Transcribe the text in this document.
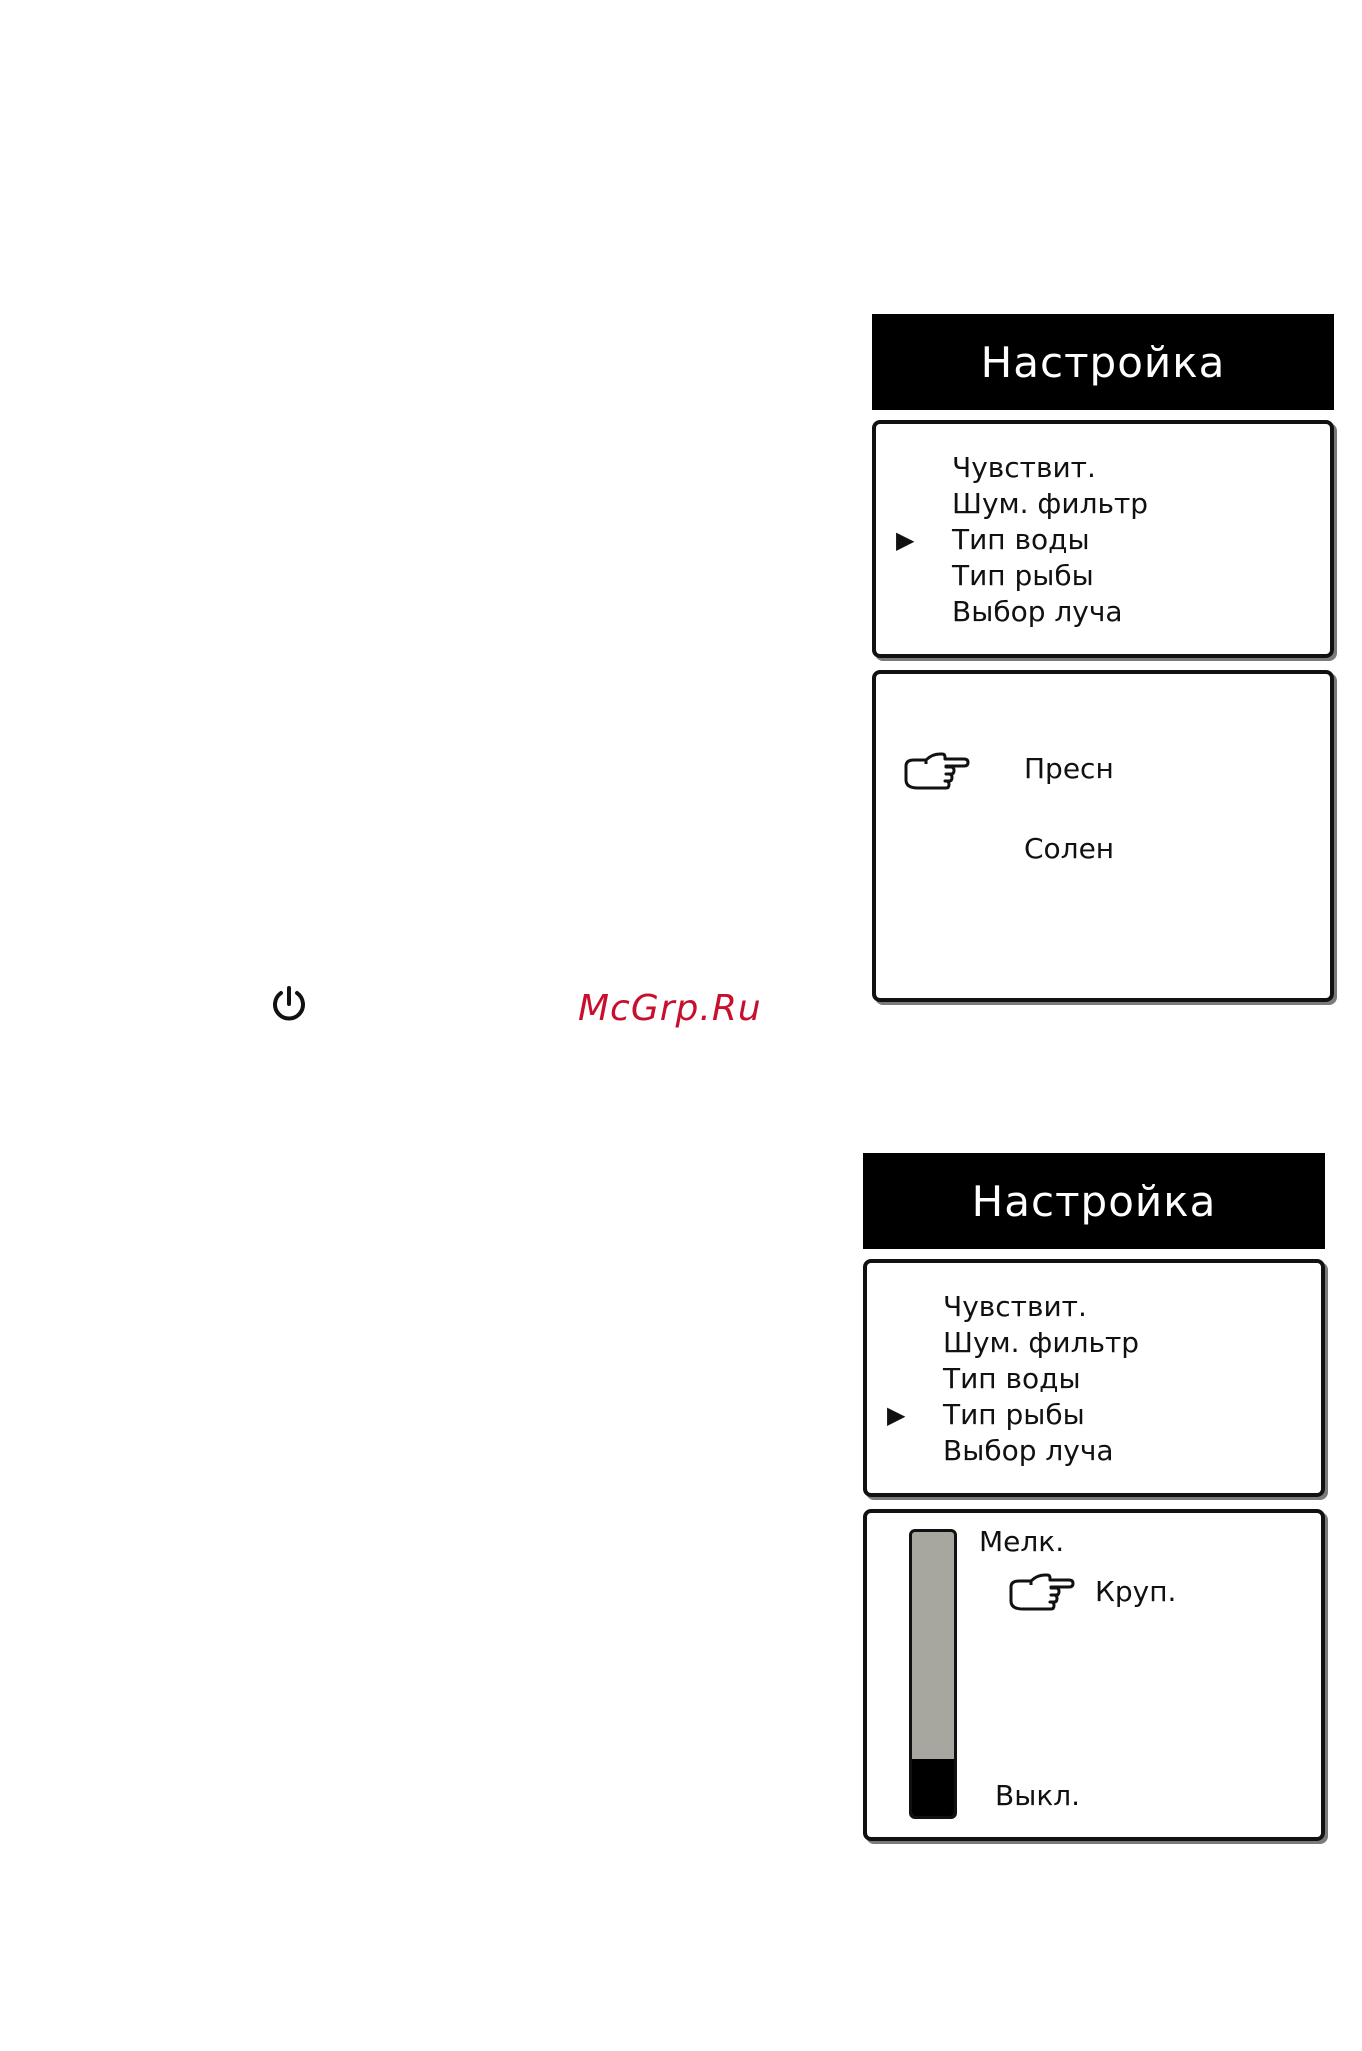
Настройка
Чувствит.
Шум. фильтр
▶ Тип воды
Тип рыбы
Выбор луча
Пресн
Солен
Настройка
Чувствит.
Шум. фильтр
Тип воды
▶ Тип рыбы
Выбор луча
Мелк.
Круп.
Выкл.
McGrp.Ru
